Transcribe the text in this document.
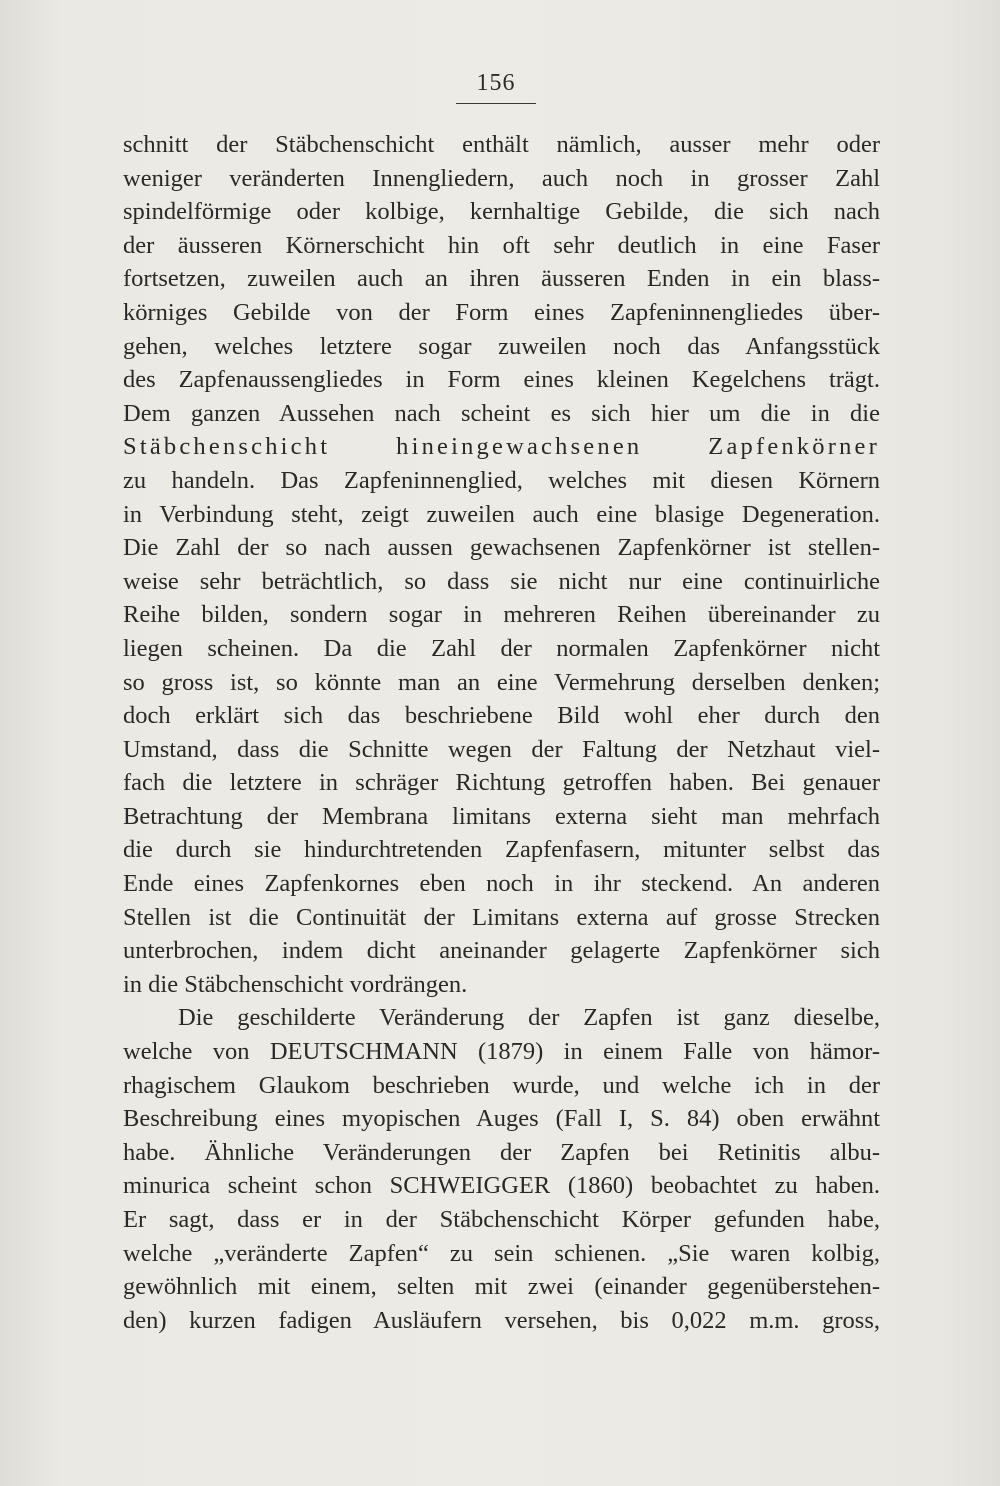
156
schnitt der Stäbchenschicht enthält nämlich, ausser mehr oder
weniger veränderten Innengliedern, auch noch in grosser Zahl
spindelförmige oder kolbige, kernhaltige Gebilde, die sich nach
der äusseren Körnerschicht hin oft sehr deutlich in eine Faser
fortsetzen, zuweilen auch an ihren äusseren Enden in ein blass-
körniges Gebilde von der Form eines Zapfeninnengliedes über-
gehen, welches letztere sogar zuweilen noch das Anfangsstück
des Zapfenaussengliedes in Form eines kleinen Kegelchens trägt.
Dem ganzen Aussehen nach scheint es sich hier um die in die
Stäbchenschicht hineingewachsenen Zapfenkörner
zu handeln. Das Zapfeninnenglied, welches mit diesen Körnern
in Verbindung steht, zeigt zuweilen auch eine blasige Degeneration.
Die Zahl der so nach aussen gewachsenen Zapfenkörner ist stellen-
weise sehr beträchtlich, so dass sie nicht nur eine continuirliche
Reihe bilden, sondern sogar in mehreren Reihen übereinander zu
liegen scheinen. Da die Zahl der normalen Zapfenkörner nicht
so gross ist, so könnte man an eine Vermehrung derselben denken;
doch erklärt sich das beschriebene Bild wohl eher durch den
Umstand, dass die Schnitte wegen der Faltung der Netzhaut viel-
fach die letztere in schräger Richtung getroffen haben. Bei genauer
Betrachtung der Membrana limitans externa sieht man mehrfach
die durch sie hindurchtretenden Zapfenfasern, mitunter selbst das
Ende eines Zapfenkornes eben noch in ihr steckend. An anderen
Stellen ist die Continuität der Limitans externa auf grosse Strecken
unterbrochen, indem dicht aneinander gelagerte Zapfenkörner sich
in die Stäbchenschicht vordrängen.
Die geschilderte Veränderung der Zapfen ist ganz dieselbe,
welche von DEUTSCHMANN (1879) in einem Falle von hämor-
rhagischem Glaukom beschrieben wurde, und welche ich in der
Beschreibung eines myopischen Auges (Fall I, S. 84) oben erwähnt
habe. Ähnliche Veränderungen der Zapfen bei Retinitis albu-
minurica scheint schon SCHWEIGGER (1860) beobachtet zu haben.
Er sagt, dass er in der Stäbchenschicht Körper gefunden habe,
welche „veränderte Zapfen“ zu sein schienen. „Sie waren kolbig,
gewöhnlich mit einem, selten mit zwei (einander gegenüberstehen-
den) kurzen fadigen Ausläufern versehen, bis 0,022 m.m. gross,
